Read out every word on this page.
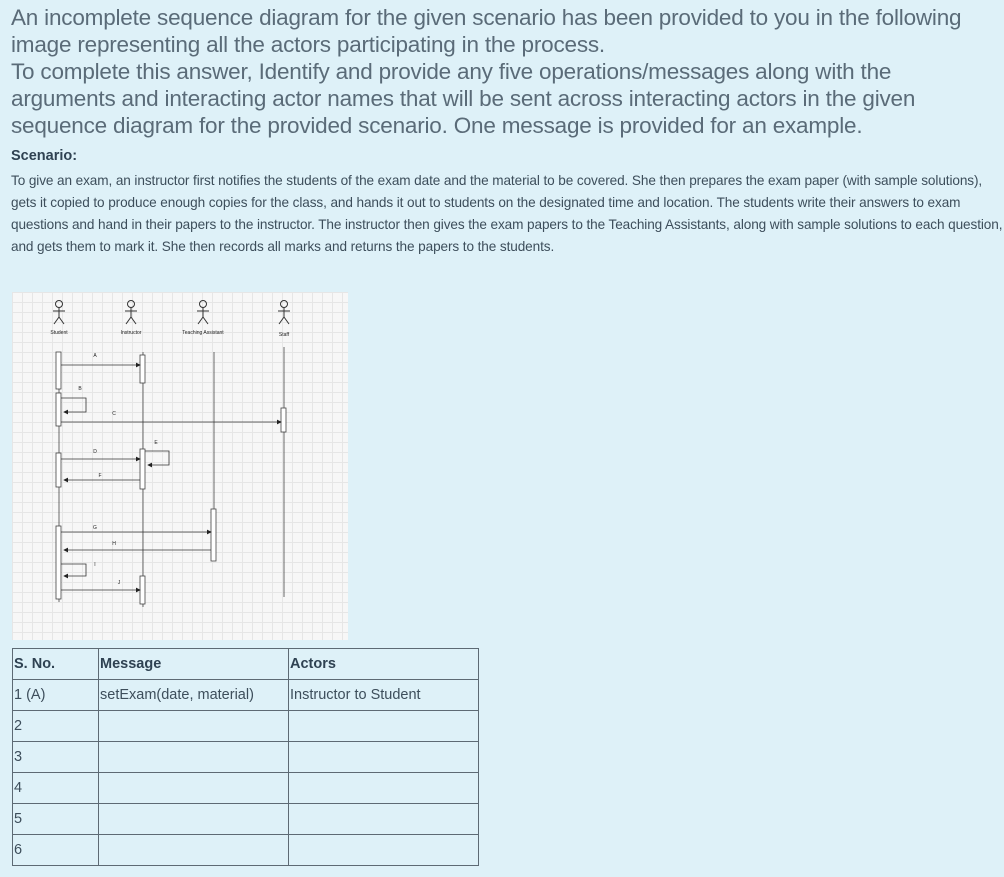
An incomplete sequence diagram for the given scenario has been provided to you in the following image representing all the actors participating in the process.

To complete this answer, Identify and provide any five operations/messages along with the arguments and interacting actor names that will be sent across interacting actors in the given sequence diagram for the provided scenario. One message is provided for an example.

Scenario:
To give an exam, an instructor first notifies the students of the exam date and the material to be covered. She then prepares the exam paper (with sample solutions), gets it copied to produce enough copies for the class, and hands it out to students on the designated time and location. The students write their answers to exam questions and hand in their papers to the instructor. The instructor then gives the exam papers to the Teaching Assistants, along with sample solutions to each question, and gets them to mark it. She then records all marks and returns the papers to the students.
Student	Instructor	Teaching Assistant	Staff
A
B
C
D
E
F
G
H
I
J
S. No.	Message	Actors
1 (A)	setExam(date, material)	Instructor to Student
2		
3		
4		
5		
6		
